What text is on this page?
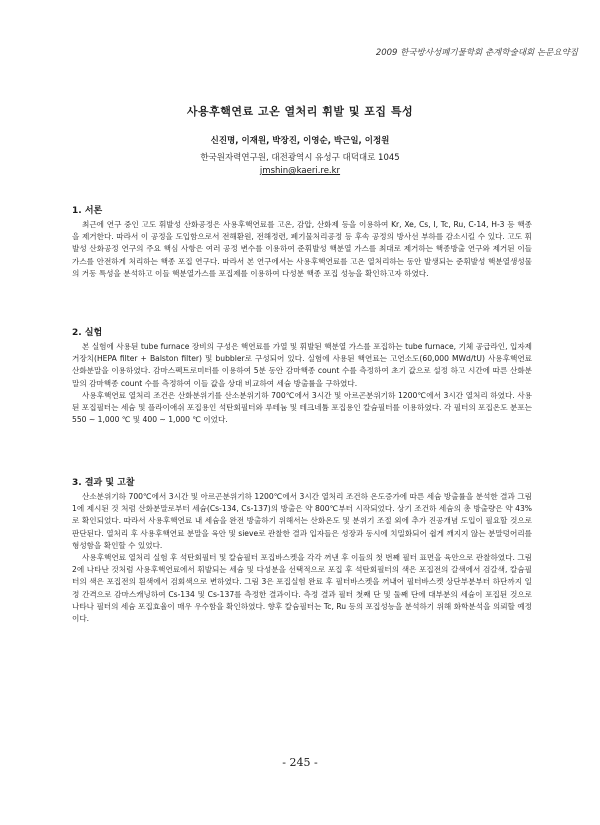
2009 한국방사성폐기물학회 춘계학술대회 논문요약집
사용후핵연료 고온 열처리 휘발 및 포집 특성
신진명, 이재원, 박장진, 이영순, 박근일, 이정원
한국원자력연구원, 대전광역시 유성구 대덕대로 1045
jmshin@kaeri.re.kr
1. 서론

최근에 연구 중인 고도 휘발성 산화공정은 사용후핵연료를 고온, 감압, 산화제 등을 이용하여 Kr, Xe, Cs, I, Tc, Ru, C-14, H-3 등 핵종을 제거한다. 따라서 이 공정을 도입함으로서 전해환원, 전해정련, 폐기물처리공정 등 후속 공정의 방사선 부하를 감소시킬 수 있다. 고도 휘발성 산화공정 연구의 주요 핵심 사항은 여러 공정 변수를 이용하여 준휘발성 핵분열 가스를 최대로 제거하는 핵종방출 연구와 제거된 이들 가스를 안전하게 처리하는 핵종 포집 연구다. 따라서 본 연구에서는 사용후핵연료를 고온 열처리하는 동안 발생되는 준휘발성 핵분열생성물의 거동 특성을 분석하고 이들 핵분열가스를 포집제를 이용하여 다성분 핵종 포집 성능을 확인하고자 하였다.

2. 실험

본 실험에 사용된 tube furnace 장비의 구성은 핵연료를 가열 및 휘발된 핵분열 가스를 포집하는 tube furnace, 기체 공급라인, 입자제거장치(HEPA filter + Balston filter) 및 bubbler로 구성되어 있다. 실험에 사용된 핵연료는 고연소도(60,000 MWd/tU) 사용후핵연료 산화분말을 이용하였다. 감마스펙트로미터를 이용하여 5분 동안 감마핵종 count 수를 측정하여 초기 값으로 설정 하고 시간에 따른 산화분말의 감마핵종 count 수를 측정하여 이들 값을 상대 비교하여 세슘 방출률을 구하였다.

사용후핵연료 열처리 조건은 산화분위기를 산소분위기하 700℃에서 3시간 및 아르곤분위기하 1200℃에서 3시간 열처리 하였다. 사용된 포집필터는 세슘 및 플라이애쉬 포집용인 석탄회필터와 루테늄 및 테크네튬 포집용인 칼슘필터를 이용하였다. 각 필터의 포집온도 분포는 550 ~ 1,000 ℃ 및 400 ~ 1,000 ℃ 이었다.

3. 결과 및 고찰

산소분위기하 700℃에서 3시간 및 아르곤분위기하 1200℃에서 3시간 열처리 조건하 온도증가에 따른 세슘 방출률을 분석한 결과 그림 1에 제시된 것 처럼 산화분말로부터 세슘(Cs-134, Cs-137)의 방출은 약 800℃부터 시작되었다. 상기 조건하 세슘의 총 방출량은 약 43%로 확인되었다. 따라서 사용후핵연료 내 세슘을 완전 방출하기 위해서는 산화온도 및 분위기 조절 외에 추가 진공개념 도입이 필요할 것으로 판단된다. 열처리 후 사용후핵연료 분말을 육안 및 sieve로 관찰한 결과 입자들은 성장과 동시에 치밀화되어 쉽게 깨지지 않는 분말덩어리를 형성함을 확인할 수 있었다.

사용후핵연료 열처리 실험 후 석탄회필터 및 칼슘필터 포집바스켓을 각각 꺼낸 후 이들의 첫 번째 필터 표면을 육안으로 관찰하였다. 그림 2에 나타난 것처럼 사용후핵연료에서 휘발되는 세슘 및 다성분을 선택적으로 포집 후 석탄회필터의 색은 포집전의 갈색에서 검갈색, 칼슘필터의 색은 포집전의 흰색에서 검회색으로 변하였다. 그림 3은 포집실험 완료 후 필터바스켓을 꺼내어 필터바스켓 상단부분부터 하단까지 일정 간격으로 감마스캐닝하여 Cs-134 및 Cs-137를 측정한 결과이다. 측정 결과 필터 첫째 단 및 둘째 단에 대부분의 세슘이 포집된 것으로 나타나 필터의 세슘 포집효율이 매우 우수함을 확인하였다. 향후 칼슘필터는 Tc, Ru 등의 포집성능을 분석하기 위해 화학분석을 의뢰할 예정이다.

- 245 -
